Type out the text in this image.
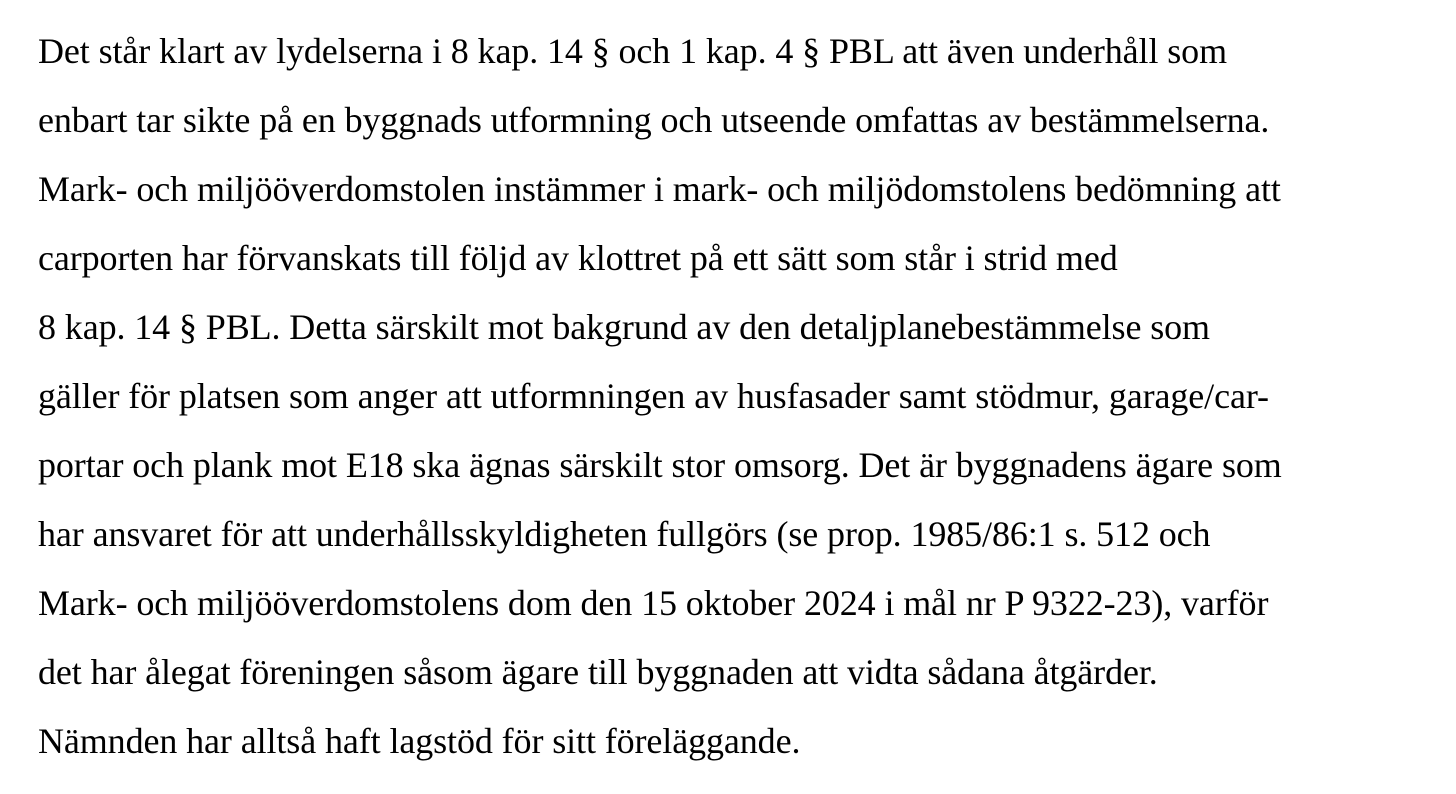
Det står klart av lydelserna i 8 kap. 14 § och 1 kap. 4 § PBL att även underhåll som
enbart tar sikte på en byggnads utformning och utseende omfattas av bestämmelserna.
Mark- och miljööverdomstolen instämmer i mark- och miljödomstolens bedömning att
carporten har förvanskats till följd av klottret på ett sätt som står i strid med
8 kap. 14 § PBL. Detta särskilt mot bakgrund av den detaljplanebestämmelse som
gäller för platsen som anger att utformningen av husfasader samt stödmur, garage/car-
portar och plank mot E18 ska ägnas särskilt stor omsorg. Det är byggnadens ägare som
har ansvaret för att underhållsskyldigheten fullgörs (se prop. 1985/86:1 s. 512 och
Mark- och miljööverdomstolens dom den 15 oktober 2024 i mål nr P 9322-23), varför
det har ålegat föreningen såsom ägare till byggnaden att vidta sådana åtgärder.
Nämnden har alltså haft lagstöd för sitt föreläggande.
